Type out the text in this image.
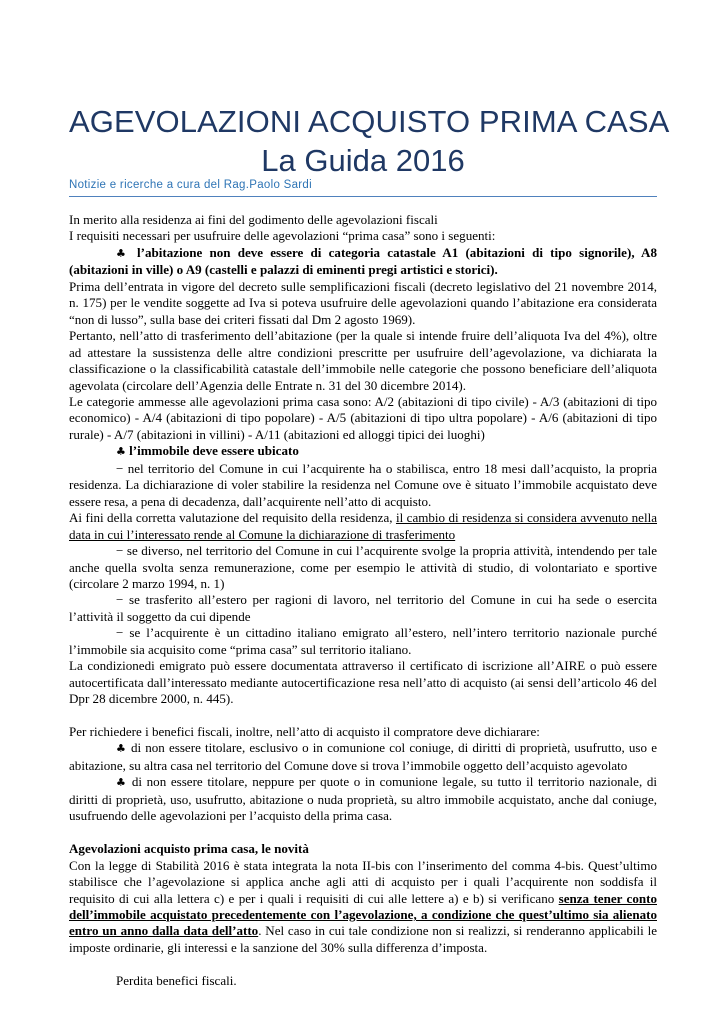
AGEVOLAZIONI ACQUISTO PRIMA CASA
La Guida 2016
Notizie e ricerche a cura del Rag.Paolo Sardi

In merito alla residenza ai fini del godimento delle agevolazioni fiscali

I requisiti necessari per usufruire delle agevolazioni “prima casa” sono i seguenti:

♣ l’abitazione non deve essere di categoria catastale A1 (abitazioni di tipo signorile), A8 (abitazioni in ville) o A9 (castelli e palazzi di eminenti pregi artistici e storici).

Prima dell’entrata in vigore del decreto sulle semplificazioni fiscali (decreto legislativo del 21 novembre 2014, n. 175) per le vendite soggette ad Iva si poteva usufruire delle agevolazioni quando l’abitazione era considerata “non di lusso”, sulla base dei criteri fissati dal Dm 2 agosto 1969).

Pertanto, nell’atto di trasferimento dell’abitazione (per la quale si intende fruire dell’aliquota Iva del 4%), oltre ad attestare la sussistenza delle altre condizioni prescritte per usufruire dell’agevolazione, va dichiarata la classificazione o la classificabilità catastale dell’immobile nelle categorie che possono beneficiare dell’aliquota agevolata (circolare dell’Agenzia delle Entrate n. 31 del 30 dicembre 2014).

Le categorie ammesse alle agevolazioni prima casa sono: A/2 (abitazioni di tipo civile) - A/3 (abitazioni di tipo economico) - A/4 (abitazioni di tipo popolare) - A/5 (abitazioni di tipo ultra popolare) - A/6 (abitazioni di tipo rurale) - A/7 (abitazioni in villini) - A/11 (abitazioni ed alloggi tipici dei luoghi)

♣ l’immobile deve essere ubicato

− nel territorio del Comune in cui l’acquirente ha o stabilisca, entro 18 mesi dall’acquisto, la propria residenza. La dichiarazione di voler stabilire la residenza nel Comune ove è situato l’immobile acquistato deve essere resa, a pena di decadenza, dall’acquirente nell’atto di acquisto.

Ai fini della corretta valutazione del requisito della residenza, il cambio di residenza si considera avvenuto nella data in cui l’interessato rende al Comune la dichiarazione di trasferimento

− se diverso, nel territorio del Comune in cui l’acquirente svolge la propria attività, intendendo per tale anche quella svolta senza remunerazione, come per esempio le attività di studio, di volontariato e sportive (circolare 2 marzo 1994, n. 1)

− se trasferito all’estero per ragioni di lavoro, nel territorio del Comune in cui ha sede o esercita l’attività il soggetto da cui dipende

− se l’acquirente è un cittadino italiano emigrato all’estero, nell’intero territorio nazionale purché l’immobile sia acquisito come “prima casa” sul territorio italiano.

La condizionedi emigrato può essere documentata attraverso il certificato di iscrizione all’AIRE o può essere autocertificata dall’interessato mediante autocertificazione resa nell’atto di acquisto (ai sensi dell’articolo 46 del Dpr 28 dicembre 2000, n. 445).

Per richiedere i benefici fiscali, inoltre, nell’atto di acquisto il compratore deve dichiarare:

♣ di non essere titolare, esclusivo o in comunione col coniuge, di diritti di proprietà, usufrutto, uso e abitazione, su altra casa nel territorio del Comune dove si trova l’immobile oggetto dell’acquisto agevolato

♣ di non essere titolare, neppure per quote o in comunione legale, su tutto il territorio nazionale, di diritti di proprietà, uso, usufrutto, abitazione o nuda proprietà, su altro immobile acquistato, anche dal coniuge, usufruendo delle agevolazioni per l’acquisto della prima casa.

Agevolazioni acquisto prima casa, le novità

Con la legge di Stabilità 2016 è stata integrata la nota II-bis con l’inserimento del comma 4-bis. Quest’ultimo stabilisce che l’agevolazione si applica anche agli atti di acquisto per i quali l’acquirente non soddisfa il requisito di cui alla lettera c) e per i quali i requisiti di cui alle lettere a) e b) si verificano senza tener conto dell’immobile acquistato precedentemente con l’agevolazione, a condizione che quest’ultimo sia alienato entro un anno dalla data dell’atto. Nel caso in cui tale condizione non si realizzi, si renderanno applicabili le imposte ordinarie, gli interessi e la sanzione del 30% sulla differenza d’imposta.

Perdita benefici fiscali.
